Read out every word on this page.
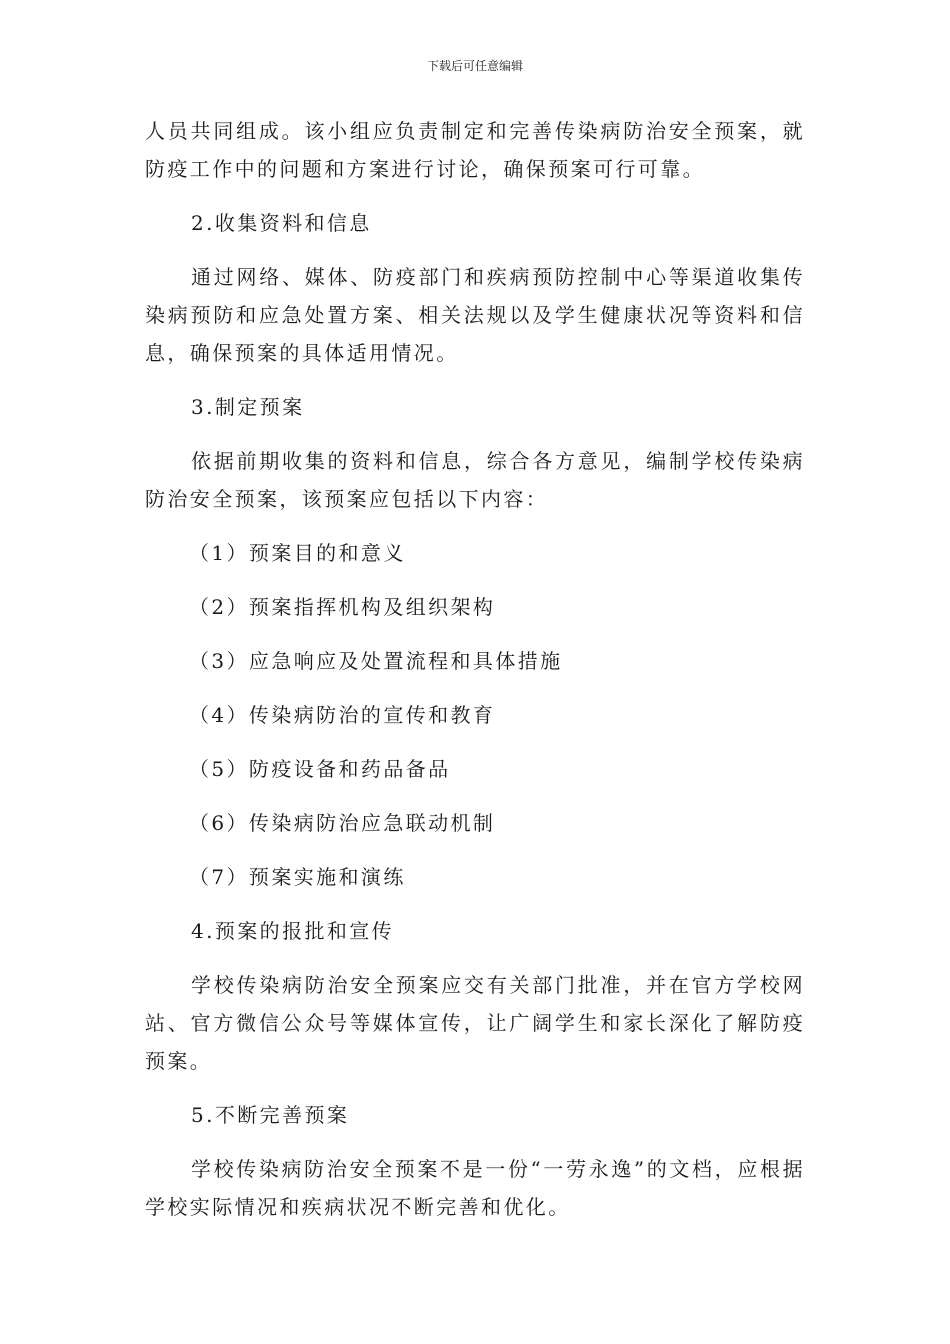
下载后可任意编辑

人员共同组成。该小组应负责制定和完善传染病防治安全预案，就防疫工作中的问题和方案进行讨论，确保预案可行可靠。

2.收集资料和信息

通过网络、媒体、防疫部门和疾病预防控制中心等渠道收集传染病预防和应急处置方案、相关法规以及学生健康状况等资料和信息，确保预案的具体适用情况。

3.制定预案

依据前期收集的资料和信息，综合各方意见，编制学校传染病防治安全预案，该预案应包括以下内容：

（1）预案目的和意义

（2）预案指挥机构及组织架构

（3）应急响应及处置流程和具体措施

（4）传染病防治的宣传和教育

（5）防疫设备和药品备品

（6）传染病防治应急联动机制

（7）预案实施和演练

4.预案的报批和宣传

学校传染病防治安全预案应交有关部门批准，并在官方学校网站、官方微信公众号等媒体宣传，让广阔学生和家长深化了解防疫预案。

5.不断完善预案

学校传染病防治安全预案不是一份“一劳永逸”的文档，应根据学校实际情况和疾病状况不断完善和优化。
